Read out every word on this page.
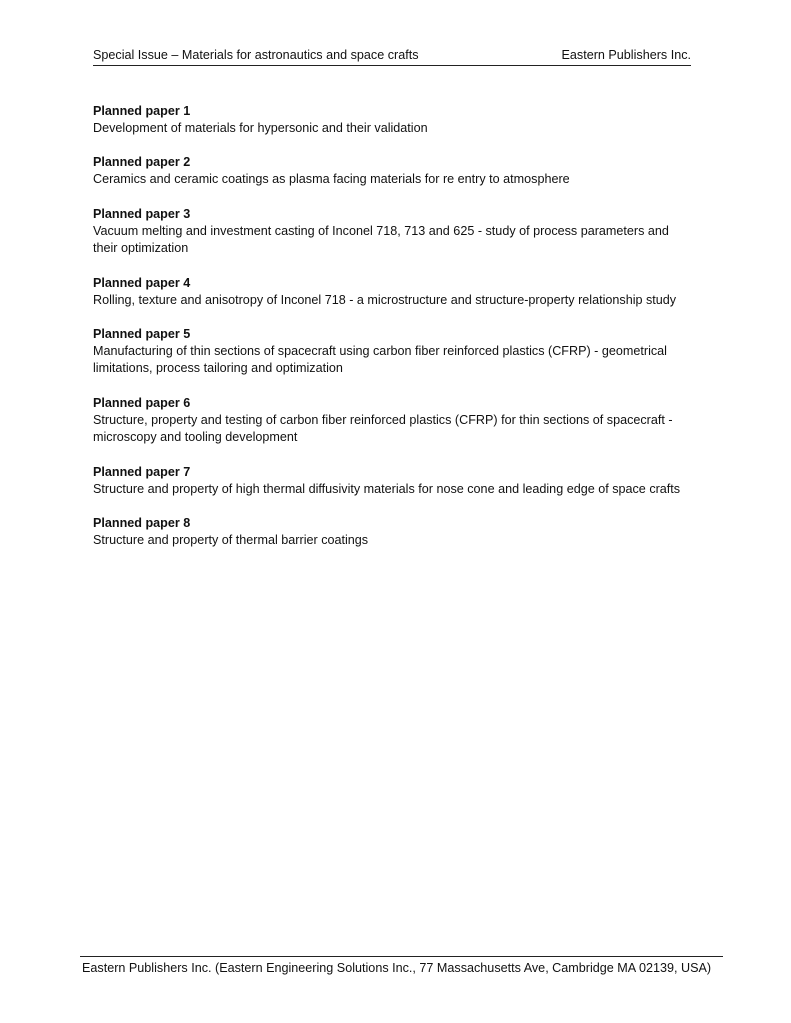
Special Issue – Materials for astronautics and space crafts	Eastern Publishers Inc.
Planned paper 1
Development of materials for hypersonic and their validation
Planned paper 2
Ceramics and ceramic coatings as plasma facing materials for re entry to atmosphere
Planned paper 3
Vacuum melting and investment casting of Inconel 718, 713 and 625 - study of process parameters and their optimization
Planned paper 4
Rolling, texture and anisotropy of Inconel 718 - a microstructure and structure-property relationship study
Planned paper 5
Manufacturing of thin sections of spacecraft using carbon fiber reinforced plastics (CFRP) - geometrical limitations, process tailoring and optimization
Planned paper 6
Structure, property and testing of carbon fiber reinforced plastics (CFRP) for thin sections of spacecraft - microscopy and tooling development
Planned paper 7
Structure and property of high thermal diffusivity materials for nose cone and leading edge of space crafts
Planned paper 8
Structure and property of thermal barrier coatings
Eastern Publishers Inc. (Eastern Engineering Solutions Inc., 77 Massachusetts Ave, Cambridge MA 02139, USA)
